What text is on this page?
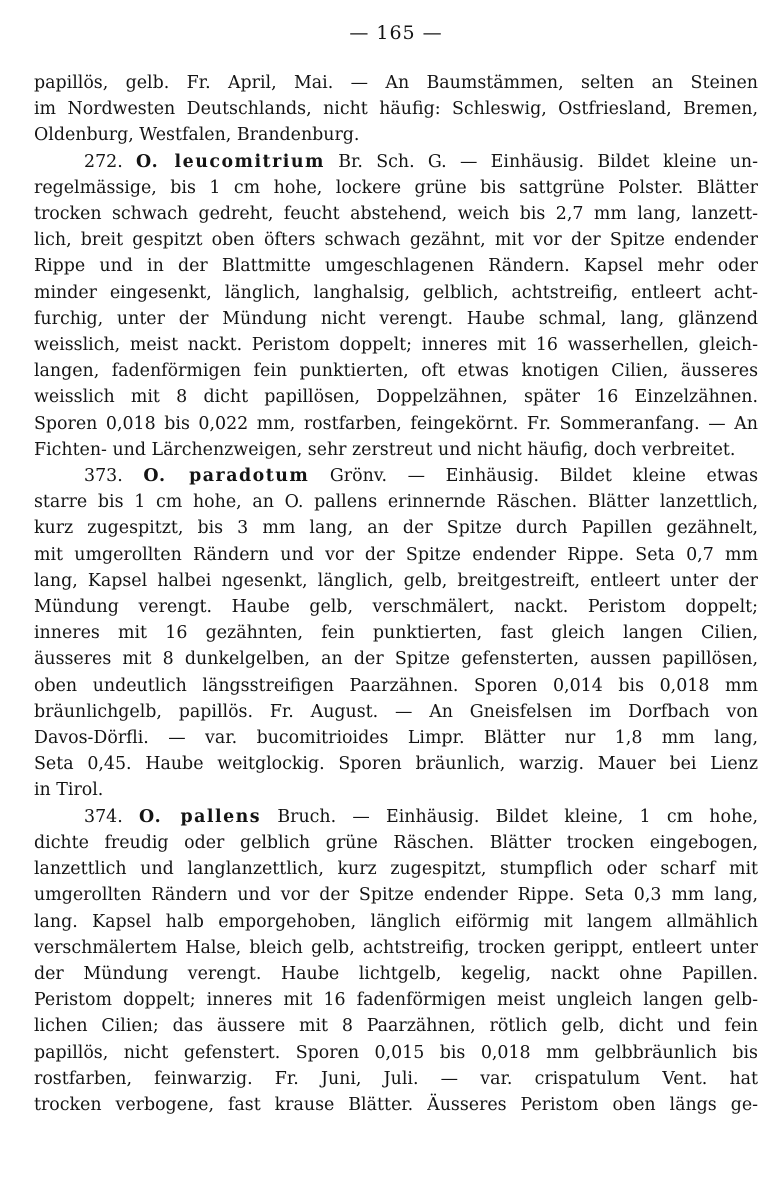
— 165 —
papillös, gelb. Fr. April, Mai. — An Baumstämmen, selten an Steinen
im Nordwesten Deutschlands, nicht häufig: Schleswig, Ostfriesland, Bremen,
Oldenburg, Westfalen, Brandenburg.
272. O. leucomitrium Br. Sch. G. — Einhäusig. Bildet kleine un-
regelmässige, bis 1 cm hohe, lockere grüne bis sattgrüne Polster. Blätter
trocken schwach gedreht, feucht abstehend, weich bis 2,7 mm lang, lanzett-
lich, breit gespitzt oben öfters schwach gezähnt, mit vor der Spitze endender
Rippe und in der Blattmitte umgeschlagenen Rändern. Kapsel mehr oder
minder eingesenkt, länglich, langhalsig, gelblich, achtstreifig, entleert acht-
furchig, unter der Mündung nicht verengt. Haube schmal, lang, glänzend
weisslich, meist nackt. Peristom doppelt; inneres mit 16 wasserhellen, gleich-
langen, fadenförmigen fein punktierten, oft etwas knotigen Cilien, äusseres
weisslich mit 8 dicht papillösen, Doppelzähnen, später 16 Einzelzähnen.
Sporen 0,018 bis 0,022 mm, rostfarben, feingekörnt. Fr. Sommeranfang. — An
Fichten- und Lärchenzweigen, sehr zerstreut und nicht häufig, doch verbreitet.
373. O. paradotum Grönv. — Einhäusig. Bildet kleine etwas
starre bis 1 cm hohe, an O. pallens erinnernde Räschen. Blätter lanzettlich,
kurz zugespitzt, bis 3 mm lang, an der Spitze durch Papillen gezähnelt,
mit umgerollten Rändern und vor der Spitze endender Rippe. Seta 0,7 mm
lang, Kapsel halbei ngesenkt, länglich, gelb, breitgestreift, entleert unter der
Mündung verengt. Haube gelb, verschmälert, nackt. Peristom doppelt;
inneres mit 16 gezähnten, fein punktierten, fast gleich langen Cilien,
äusseres mit 8 dunkelgelben, an der Spitze gefensterten, aussen papillösen,
oben undeutlich längsstreifigen Paarzähnen. Sporen 0,014 bis 0,018 mm
bräunlichgelb, papillös. Fr. August. — An Gneisfelsen im Dorfbach von
Davos-Dörfli. — var. bucomitrioides Limpr. Blätter nur 1,8 mm lang,
Seta 0,45. Haube weitglockig. Sporen bräunlich, warzig. Mauer bei Lienz
in Tirol.
374. O. pallens Bruch. — Einhäusig. Bildet kleine, 1 cm hohe,
dichte freudig oder gelblich grüne Räschen. Blätter trocken eingebogen,
lanzettlich und langlanzettlich, kurz zugespitzt, stumpflich oder scharf mit
umgerollten Rändern und vor der Spitze endender Rippe. Seta 0,3 mm lang,
lang. Kapsel halb emporgehoben, länglich eiförmig mit langem allmählich
verschmälertem Halse, bleich gelb, achtstreifig, trocken gerippt, entleert unter
der Mündung verengt. Haube lichtgelb, kegelig, nackt ohne Papillen.
Peristom doppelt; inneres mit 16 fadenförmigen meist ungleich langen gelb-
lichen Cilien; das äussere mit 8 Paarzähnen, rötlich gelb, dicht und fein
papillös, nicht gefenstert. Sporen 0,015 bis 0,018 mm gelbbräunlich bis
rostfarben, feinwarzig. Fr. Juni, Juli. — var. crispatulum Vent. hat
trocken verbogene, fast krause Blätter. Äusseres Peristom oben längs ge-
